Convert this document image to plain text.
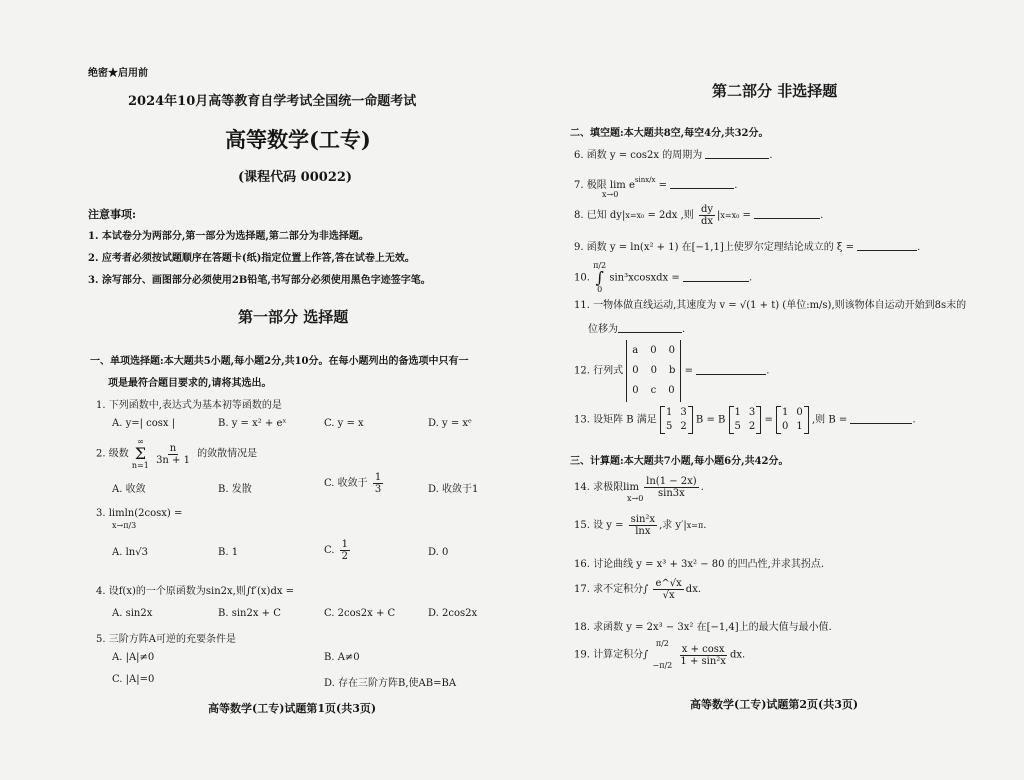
绝密★启用前
2024年10月高等教育自学考试全国统一命题考试
高等数学(工专)
(课程代码 00022)
注意事项:
1. 本试卷分为两部分,第一部分为选择题,第二部分为非选择题。
2. 应考者必须按试题顺序在答题卡(纸)指定位置上作答,答在试卷上无效。
3. 涂写部分、画图部分必须使用2B铅笔,书写部分必须使用黑色字迹签字笔。
第一部分 选择题
一、单项选择题:本大题共5小题,每小题2分,共10分。在每小题列出的备选项中只有一
项是最符合题目要求的,请将其选出。
1. 下列函数中,表达式为基本初等函数的是
A. y=| cosx |	B. y = x² + eˣ	C. y = x	D. y = xᵉ
2. 级数
∞
Σ
n=1
$\frac{n}{3n + 1}$ 的敛散情况是
A. 收敛	B. 发散
C. 收敛于 $\frac{1}{3}$	D. 收敛于1
3. limln(2cosx) =
x→π/3
A. ln√3	B. 1	C. $\frac{1}{2}$	D. 0
4. 设f(x)的一个原函数为sin2x,则∫f′(x)dx =
A. sin2x	B. sin2x + C	C. 2cos2x + C	D. 2cos2x
5. 三阶方阵A可逆的充要条件是
A. |A|≠0	B. A≠0
C. |A|=0	D. 存在三阶方阵B,使AB=BA
高等数学(工专)试题第1页(共3页)
第二部分 非选择题
二、填空题:本大题共8空,每空4分,共32分。
6. 函数 y = cos2x 的周期为	.
7. 极限 $\lim e^{sinx/x}$ =	.
x→0
8. 已知 dy|x=x₀ = 2dx ,则 $\frac{dy}{dx} |x=x_0$ =	.
9. 函数 y = ln(x² + 1) 在[−1,1]上使罗尔定理结论成立的 ξ =	.
10.
π/2
∫
0
sin³xcosxdx =	.
11. 一物体做直线运动,其速度为 v = √(1 + t) (单位:m/s),则该物体自运动开始到8s末的
位移为	.
12. 行列式
a 0 0
0 0 b
0 c 0
=	.
13. 设矩阵 B 满足
1 3
5 2
B = B
1 3
5 2
=
1 0
0 1
,则 B =	.
三、计算题:本大题共7小题,每小题6分,共42分。
14. 求极限$\lim \frac{\ln(1 - 2x)}{\sin 3x}$ .
x→0
15. 设 $y = \frac{\text{sin²x}}{\ln x}$ ,求 y′|x=π.
16. 讨论曲线 y = x³ + 3x² − 80 的凹凸性,并求其拐点.
17. 求不定积分∫ $\frac{e\^{}√x}{√x}$ dx.
18. 求函数 y = 2x³ − 3x² 在[−1,4]上的最大值与最小值.
19. 计算定积分∫
π/2
−π/2
$\frac{x + \cos x}{\text{1 + sin²x}}$ dx.
高等数学(工专)试题第2页(共3页)
